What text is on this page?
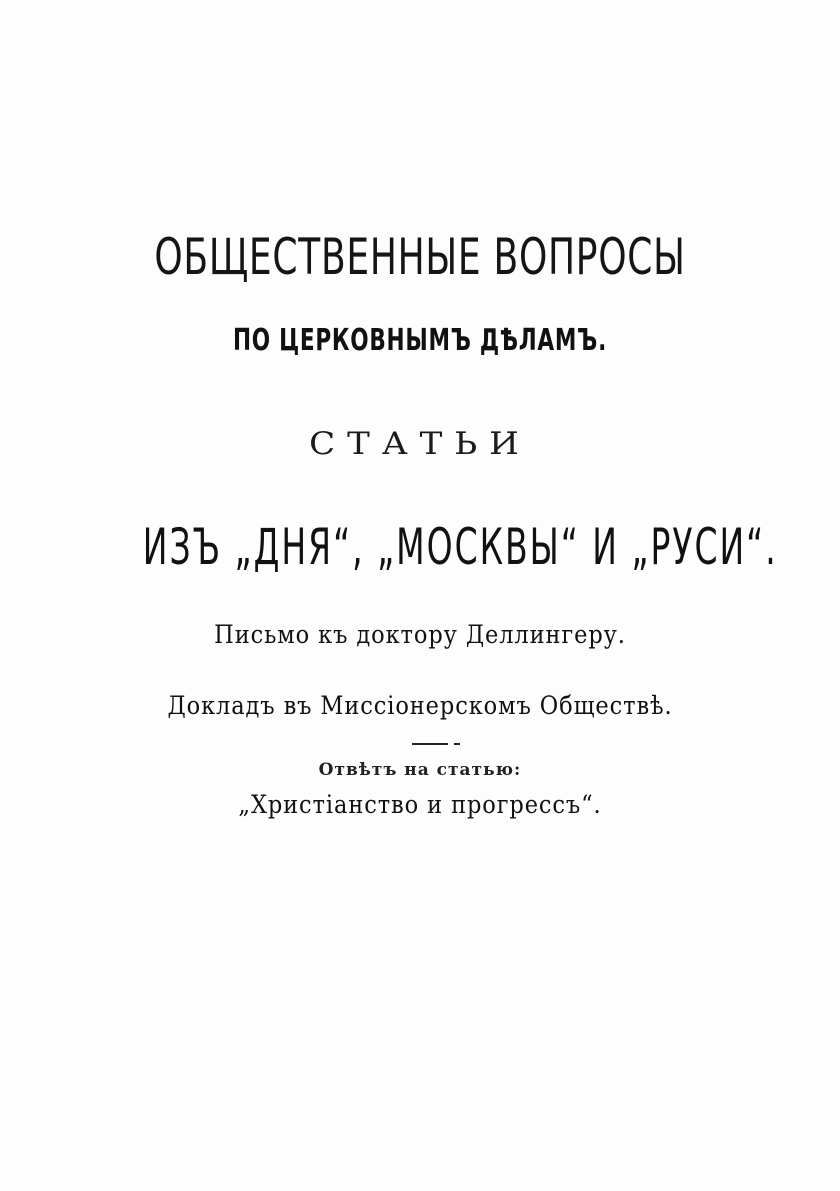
ОБЩЕСТВЕННЫЕ ВОПРОСЫ
ПО ЦЕРКОВНЫМЪ ДѢЛАМЪ.
СТАТЬИ
ИЗЪ „ДНЯ“, „МОСКВЫ“ И „РУСИ“.
Письмо къ доктору Деллингеру.
Докладъ въ Миссіонерскомъ Обществѣ.
Отвѣтъ на статью:
„Христіанство и прогрессъ“.
